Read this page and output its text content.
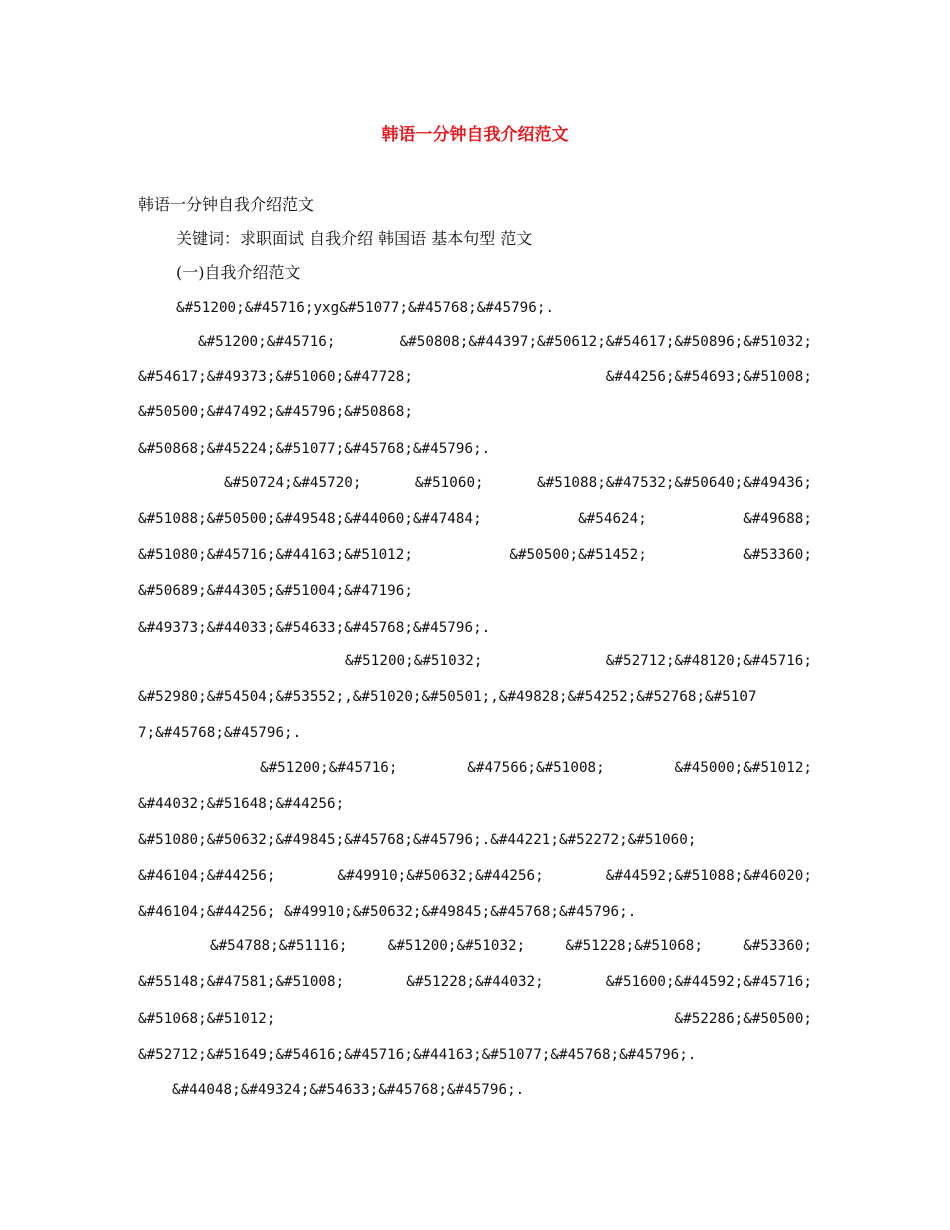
韩语一分钟自我介绍范文

韩语一分钟自我介绍范文

关键词：求职面试 自我介绍 韩国语 基本句型 范文

(一)自我介绍范文

&#51200;&#45716;yxg&#51077;&#45768;&#45796;.

&#51200;&#45716;	&#50808;&#44397;&#50612;&#54617;&#50896;&#51032;
&#54617;&#49373;&#51060;&#47728;	&#44256;&#54693;&#51008;

&#50500;&#47492;&#45796;&#50868;

&#50868;&#45224;&#51077;&#45768;&#45796;.

&#50724;&#45720;	&#51060;	&#51088;&#47532;&#50640;&#49436;
&#51088;&#50500;&#49548;&#44060;&#47484;	&#54624;	&#49688;
&#51080;&#45716;&#44163;&#51012;	&#50500;&#51452;	&#53360;

&#50689;&#44305;&#51004;&#47196;

&#49373;&#44033;&#54633;&#45768;&#45796;.

&#51200;&#51032;	&#52712;&#48120;&#45716;

&#52980;&#54504;&#53552;,&#51020;&#50501;,&#49828;&#54252;&#52768;&#5107

7;&#45768;&#45796;.

&#51200;&#45716;	&#47566;&#51008;	&#45000;&#51012;

&#44032;&#51648;&#44256;

&#51080;&#50632;&#49845;&#45768;&#45796;.&#44221;&#52272;&#51060;

&#46104;&#44256;	&#49910;&#50632;&#44256;	&#44592;&#51088;&#46020;

&#46104;&#44256; &#49910;&#50632;&#49845;&#45768;&#45796;.

&#54788;&#51116;	&#51200;&#51032;	&#51228;&#51068;	&#53360;
&#55148;&#47581;&#51008;	&#51228;&#44032;	&#51600;&#44592;&#45716;
&#51068;&#51012;	&#52286;&#50500;

&#52712;&#51649;&#54616;&#45716;&#44163;&#51077;&#45768;&#45796;.

&#44048;&#49324;&#54633;&#45768;&#45796;.
